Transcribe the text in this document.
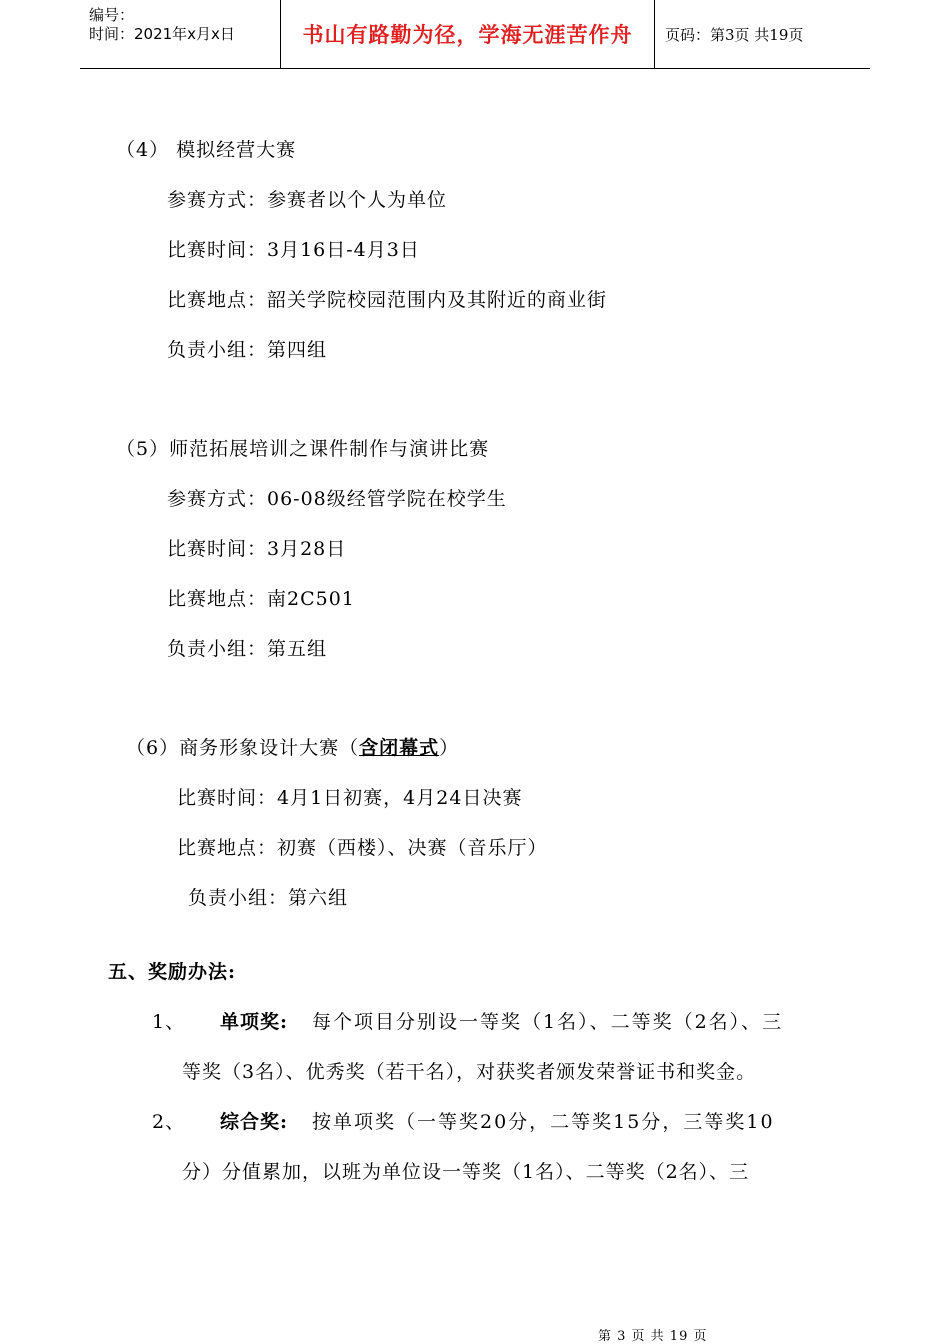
编号：
时间：2021年x月x日	书山有路勤为径，学海无涯苦作舟	页码：第3页 共19页
（4） 模拟经营大赛
参赛方式：参赛者以个人为单位
比赛时间：3月16日-4月3日
比赛地点：韶关学院校园范围内及其附近的商业街
负责小组：第四组
（5）师范拓展培训之课件制作与演讲比赛
参赛方式：06-08级经管学院在校学生
比赛时间：3月28日
比赛地点：南2C501
负责小组：第五组
（6）商务形象设计大赛（含闭幕式）
比赛时间：4月1日初赛，4月24日决赛
比赛地点：初赛（西楼）、决赛（音乐厅）
负责小组：第六组
五、奖励办法:
1、 单项奖: 每个项目分别设一等奖（1名）、二等奖（2名）、三
等奖（3名）、优秀奖（若干名），对获奖者颁发荣誉证书和奖金。
2、 综合奖: 按单项奖（一等奖20分，二等奖15分，三等奖10
分）分值累加，以班为单位设一等奖（1名）、二等奖（2名）、三
第 3 页 共 19 页
